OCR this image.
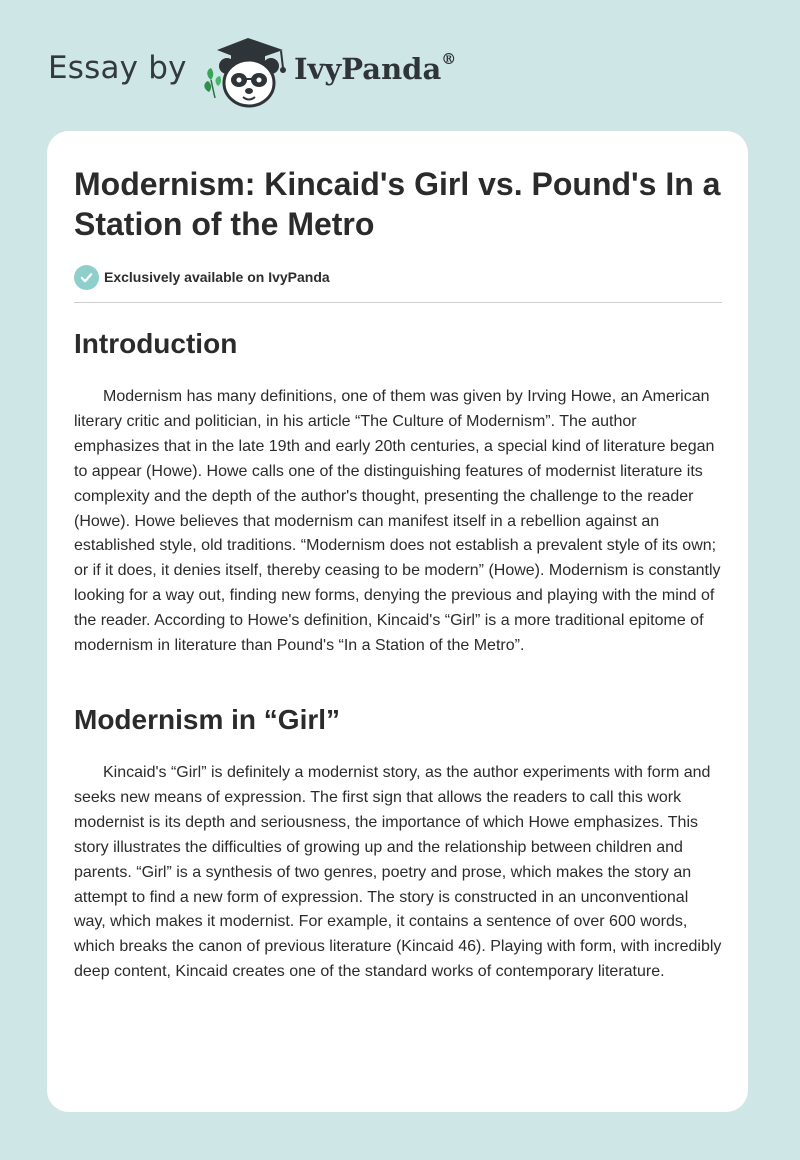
Essay by	IvyPanda®
Modernism: Kincaid's Girl vs. Pound's In a Station of the Metro
Exclusively available on IvyPanda
Introduction

Modernism has many definitions, one of them was given by Irving Howe, an American literary critic and politician, in his article “The Culture of Modernism”. The author emphasizes that in the late 19th and early 20th centuries, a special kind of literature began to appear (Howe). Howe calls one of the distinguishing features of modernist literature its complexity and the depth of the author's thought, presenting the challenge to the reader (Howe). Howe believes that modernism can manifest itself in a rebellion against an established style, old traditions. “Modernism does not establish a prevalent style of its own; or if it does, it denies itself, thereby ceasing to be modern” (Howe). Modernism is constantly looking for a way out, finding new forms, denying the previous and playing with the mind of the reader. According to Howe's definition, Kincaid's “Girl” is a more traditional epitome of modernism in literature than Pound's “In a Station of the Metro”.

Modernism in “Girl”

Kincaid's “Girl” is definitely a modernist story, as the author experiments with form and seeks new means of expression. The first sign that allows the readers to call this work modernist is its depth and seriousness, the importance of which Howe emphasizes. This story illustrates the difficulties of growing up and the relationship between children and parents. “Girl” is a synthesis of two genres, poetry and prose, which makes the story an attempt to find a new form of expression. The story is constructed in an unconventional way, which makes it modernist. For example, it contains a sentence of over 600 words, which breaks the canon of previous literature (Kincaid 46). Playing with form, with incredibly deep content, Kincaid creates one of the standard works of contemporary literature.
